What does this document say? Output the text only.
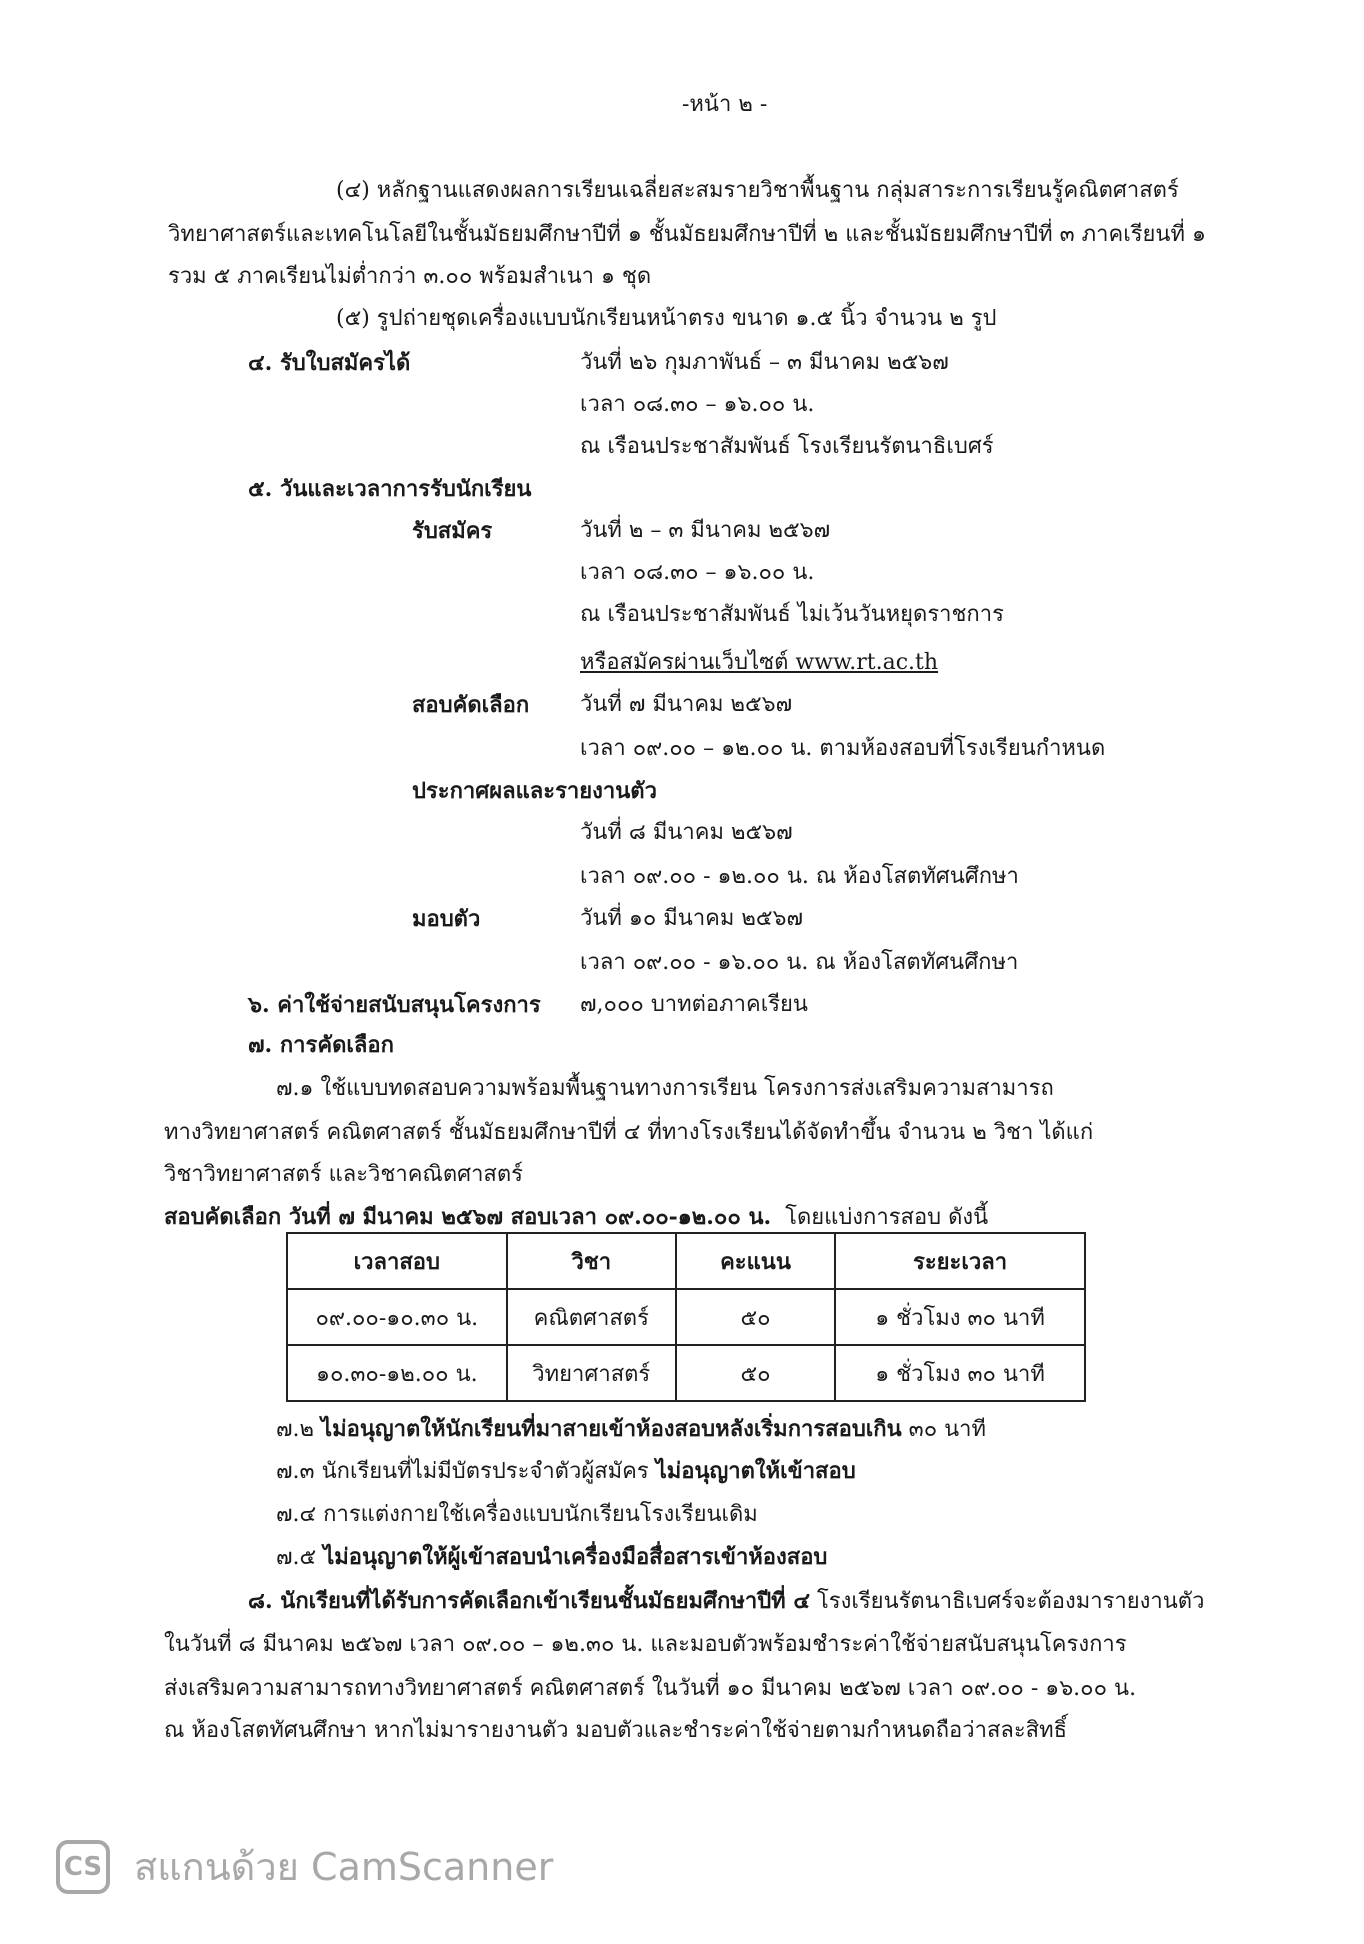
-หน้า ๒ -
(๔) หลักฐานแสดงผลการเรียนเฉลี่ยสะสมรายวิชาพื้นฐาน กลุ่มสาระการเรียนรู้คณิตศาสตร์
วิทยาศาสตร์และเทคโนโลยีในชั้นมัธยมศึกษาปีที่ ๑ ชั้นมัธยมศึกษาปีที่ ๒ และชั้นมัธยมศึกษาปีที่ ๓ ภาคเรียนที่ ๑
รวม ๕ ภาคเรียนไม่ต่ำกว่า ๓.๐๐ พร้อมสำเนา ๑ ชุด
(๕) รูปถ่ายชุดเครื่องแบบนักเรียนหน้าตรง ขนาด ๑.๕ นิ้ว จำนวน ๒ รูป
๔. รับใบสมัครได้	วันที่ ๒๖ กุมภาพันธ์ – ๓ มีนาคม ๒๕๖๗
เวลา ๐๘.๓๐ – ๑๖.๐๐ น.
ณ เรือนประชาสัมพันธ์ โรงเรียนรัตนาธิเบศร์
๕. วันและเวลาการรับนักเรียน
รับสมัคร	วันที่ ๒ – ๓ มีนาคม ๒๕๖๗
เวลา ๐๘.๓๐ – ๑๖.๐๐ น.
ณ เรือนประชาสัมพันธ์ ไม่เว้นวันหยุดราชการ
หรือสมัครผ่านเว็บไซต์ www.rt.ac.th
สอบคัดเลือก วันที่ ๗ มีนาคม ๒๕๖๗
เวลา ๐๙.๐๐ – ๑๒.๐๐ น. ตามห้องสอบที่โรงเรียนกำหนด
ประกาศผลและรายงานตัว
วันที่ ๘ มีนาคม ๒๕๖๗
เวลา ๐๙.๐๐ - ๑๒.๐๐ น. ณ ห้องโสตทัศนศึกษา
มอบตัว	วันที่ ๑๐ มีนาคม ๒๕๖๗
เวลา ๐๙.๐๐ - ๑๖.๐๐ น. ณ ห้องโสตทัศนศึกษา
๖. ค่าใช้จ่ายสนับสนุนโครงการ ๗,๐๐๐ บาทต่อภาคเรียน
๗. การคัดเลือก
๗.๑ ใช้แบบทดสอบความพร้อมพื้นฐานทางการเรียน โครงการส่งเสริมความสามารถ
ทางวิทยาศาสตร์ คณิตศาสตร์ ชั้นมัธยมศึกษาปีที่ ๔ ที่ทางโรงเรียนได้จัดทำขึ้น จำนวน ๒ วิชา ได้แก่
วิชาวิทยาศาสตร์ และวิชาคณิตศาสตร์
สอบคัดเลือก วันที่ ๗ มีนาคม ๒๕๖๗ สอบเวลา ๐๙.๐๐-๑๒.๐๐ น. โดยแบ่งการสอบ ดังนี้
เวลาสอบ	วิชา	คะแนน	ระยะเวลา
๐๙.๐๐-๑๐.๓๐ น.	คณิตศาสตร์	๕๐	๑ ชั่วโมง ๓๐ นาที
๑๐.๓๐-๑๒.๐๐ น.	วิทยาศาสตร์	๕๐	๑ ชั่วโมง ๓๐ นาที
๗.๒ ไม่อนุญาตให้นักเรียนที่มาสายเข้าห้องสอบหลังเริ่มการสอบเกิน ๓๐ นาที
๗.๓ นักเรียนที่ไม่มีบัตรประจำตัวผู้สมัคร ไม่อนุญาตให้เข้าสอบ
๗.๔ การแต่งกายใช้เครื่องแบบนักเรียนโรงเรียนเดิม
๗.๕ ไม่อนุญาตให้ผู้เข้าสอบนำเครื่องมือสื่อสารเข้าห้องสอบ
๘. นักเรียนที่ได้รับการคัดเลือกเข้าเรียนชั้นมัธยมศึกษาปีที่ ๔ โรงเรียนรัตนาธิเบศร์จะต้องมารายงานตัว
ในวันที่ ๘ มีนาคม ๒๕๖๗ เวลา ๐๙.๐๐ – ๑๒.๓๐ น. และมอบตัวพร้อมชำระค่าใช้จ่ายสนับสนุนโครงการ
ส่งเสริมความสามารถทางวิทยาศาสตร์ คณิตศาสตร์ ในวันที่ ๑๐ มีนาคม ๒๕๖๗ เวลา ๐๙.๐๐ - ๑๖.๐๐ น.
ณ ห้องโสตทัศนศึกษา หากไม่มารายงานตัว มอบตัวและชำระค่าใช้จ่ายตามกำหนดถือว่าสละสิทธิ์
CS สแกนด้วย CamScanner
